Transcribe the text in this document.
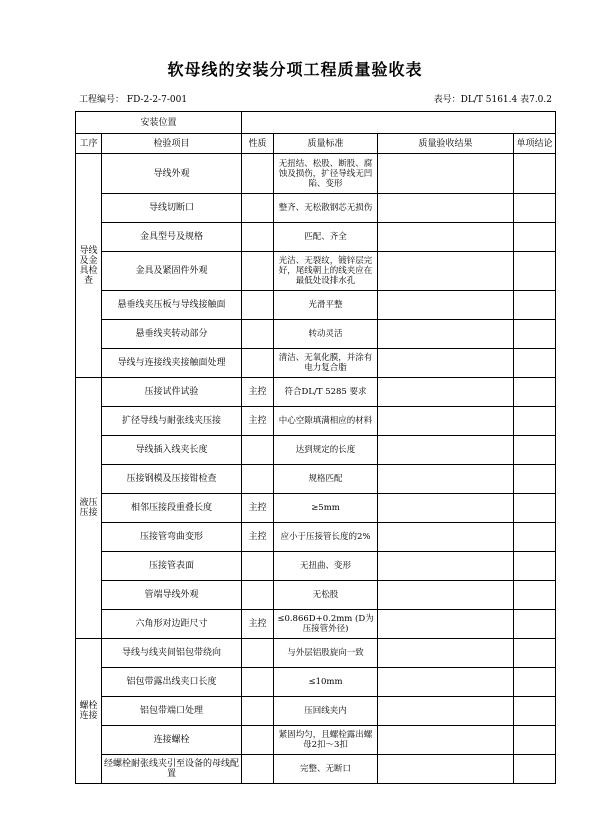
软母线的安装分项工程质量验收表
工程编号： FD-2-2-7-001	表号：DL/T 5161.4 表7.0.2
安装位置					
工序	检验项目	性质	质量标准	质量验收结果	单项结论
导线及金具检查	导线外观		无扭结、松股、断股、腐蚀及损伤，扩径导线无凹陷、变形		
	导线切断口		整齐、无松散钢芯无损伤		
	金具型号及规格		匹配、齐全		
	金具及紧固件外观		光洁、无裂纹，镀锌层完好，尾线朝上的线夹应在最低处设排水孔		
	悬垂线夹压板与导线接触面		光滑平整		
	悬垂线夹转动部分		转动灵活		
	导线与连接线夹接触面处理		清洁、无氧化膜，并涂有电力复合脂		
液压压接	压接试件试验	主控	符合DL/T 5285 要求		
	扩径导线与耐张线夹压接	主控	中心空隙填满相应的材料		
	导线插入线夹长度		达到规定的长度		
	压接钢模及压接钳检查		规格匹配		
	相邻压接段重叠长度	主控	≥5mm		
	压接管弯曲变形	主控	应小于压接管长度的2%		
	压接管表面		无扭曲、变形		
	管端导线外观		无松股		
	六角形对边距尺寸	主控	≤0.866D+0.2mm (D为压接管外径)		
螺栓连接	导线与线夹间铝包带绕向		与外层铝股旋向一致		
	铝包带露出线夹口长度		≤10mm		
	铝包带端口处理		压回线夹内		
	连接螺栓		紧固均匀，且螺栓露出螺母2扣～3扣		
	经螺栓耐张线夹引至设备的母线配置		完整、无断口		
